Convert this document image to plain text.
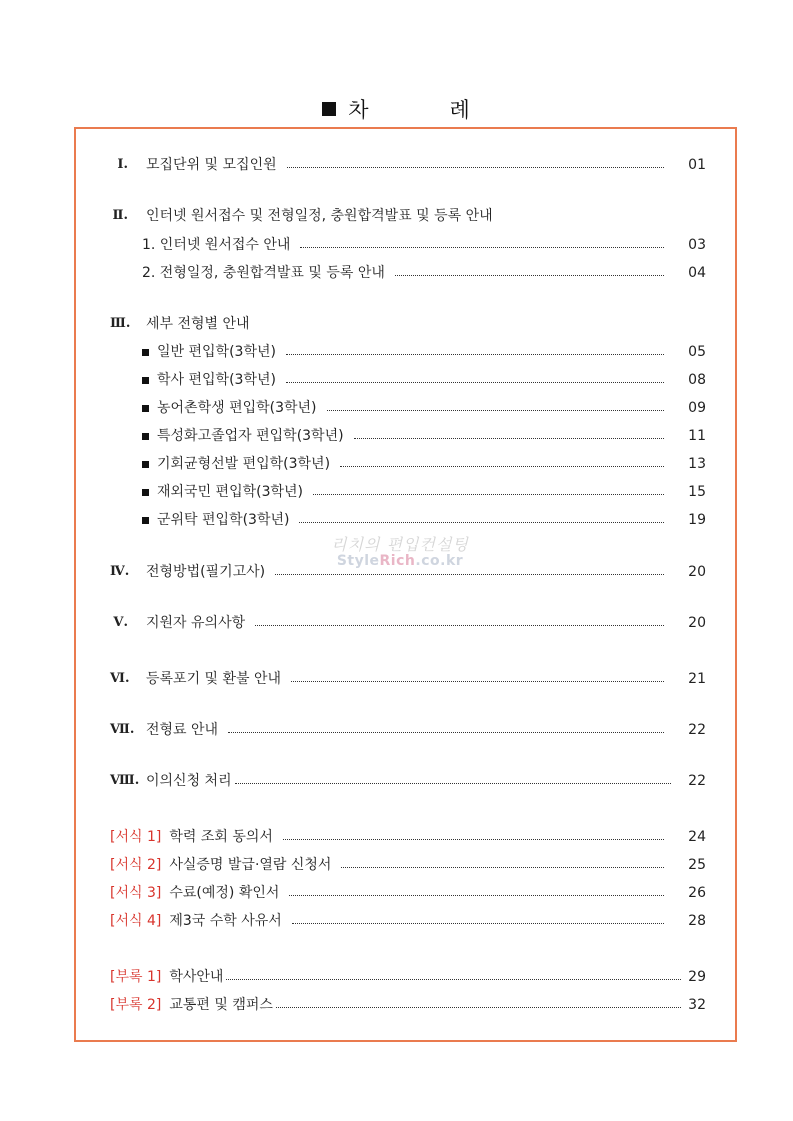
차	례
Ⅰ. 모집단위 및 모집인원	01
Ⅱ. 인터넷 원서접수 및 전형일정, 충원합격발표 및 등록 안내
1. 인터넷 원서접수 안내	03
2. 전형일정, 충원합격발표 및 등록 안내	04
Ⅲ. 세부 전형별 안내
일반 편입학(3학년)	05
학사 편입학(3학년)	08
농어촌학생 편입학(3학년)	09
특성화고졸업자 편입학(3학년)	11
기회균형선발 편입학(3학년)	13
재외국민 편입학(3학년)	15
군위탁 편입학(3학년)	19
Ⅳ. 전형방법(필기고사)	20
Ⅴ. 지원자 유의사항	20
Ⅵ. 등록포기 및 환불 안내	21
Ⅶ. 전형료 안내	22
Ⅷ. 이의신청 처리	22
[서식 1] 학력 조회 동의서	24
[서식 2] 사실증명 발급·열람 신청서	25
[서식 3] 수료(예정) 확인서	26
[서식 4] 제3국 수학 사유서	28
[부록 1] 학사안내	29
[부록 2] 교통편 및 캠퍼스	32
리치의 편입컨설팅
StyleRich.co.kr
